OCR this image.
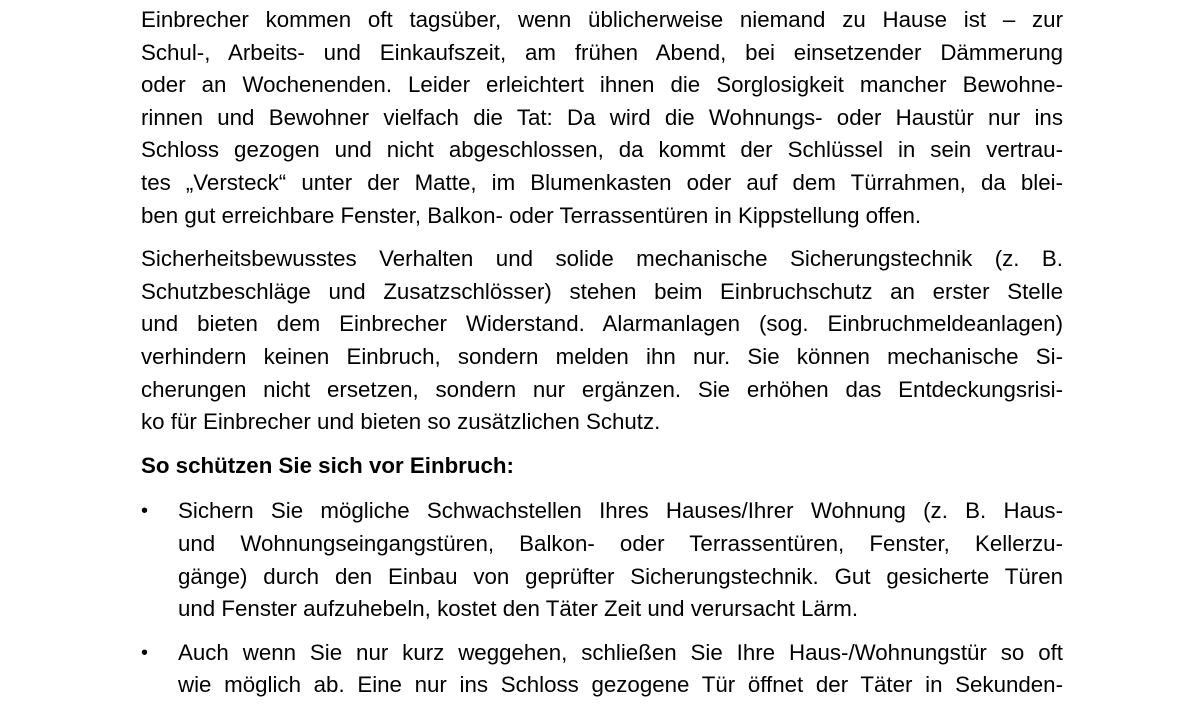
Einbrecher kommen oft tagsüber, wenn üblicherweise niemand zu Hause ist – zur
Schul-, Arbeits- und Einkaufszeit, am frühen Abend, bei einsetzender Dämmerung
oder an Wochenenden. Leider erleichtert ihnen die Sorglosigkeit mancher Bewohne-
rinnen und Bewohner vielfach die Tat: Da wird die Wohnungs- oder Haustür nur ins
Schloss gezogen und nicht abgeschlossen, da kommt der Schlüssel in sein vertrau-
tes „Versteck“ unter der Matte, im Blumenkasten oder auf dem Türrahmen, da blei-
ben gut erreichbare Fenster, Balkon- oder Terrassentüren in Kippstellung offen.

Sicherheitsbewusstes Verhalten und solide mechanische Sicherungstechnik (z. B.
Schutzbeschläge und Zusatzschlösser) stehen beim Einbruchschutz an erster Stelle
und bieten dem Einbrecher Widerstand. Alarmanlagen (sog. Einbruchmeldeanlagen)
verhindern keinen Einbruch, sondern melden ihn nur. Sie können mechanische Si-
cherungen nicht ersetzen, sondern nur ergänzen. Sie erhöhen das Entdeckungsrisi-
ko für Einbrecher und bieten so zusätzlichen Schutz.

So schützen Sie sich vor Einbruch:

• Sichern Sie mögliche Schwachstellen Ihres Hauses/Ihrer Wohnung (z. B. Haus-
und Wohnungseingangstüren, Balkon- oder Terrassentüren, Fenster, Kellerzu-
gänge) durch den Einbau von geprüfter Sicherungstechnik. Gut gesicherte Türen
und Fenster aufzuhebeln, kostet den Täter Zeit und verursacht Lärm.
• Auch wenn Sie nur kurz weggehen, schließen Sie Ihre Haus-/Wohnungstür so oft
wie möglich ab. Eine nur ins Schloss gezogene Tür öffnet der Täter in Sekunden-
